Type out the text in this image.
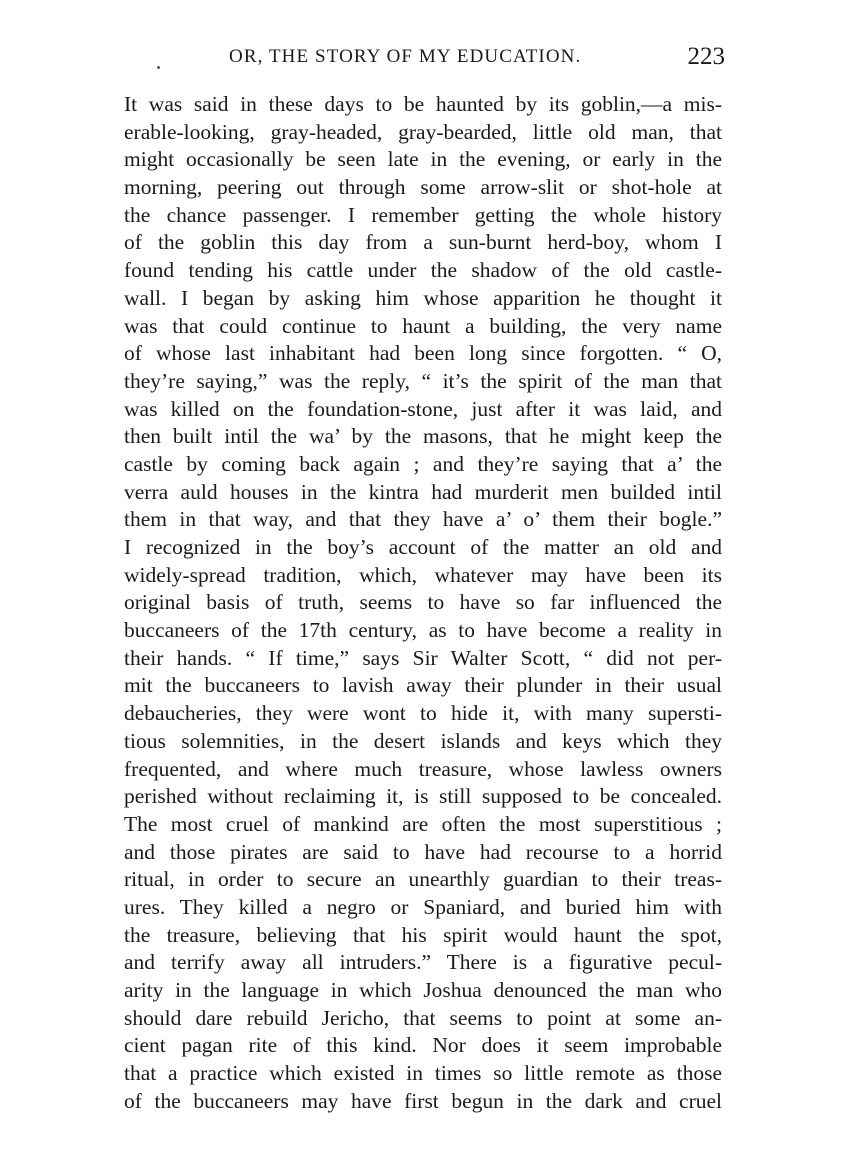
OR, THE STORY OF MY EDUCATION.	223
It was said in these days to be haunted by its goblin,—a mis-
erable-looking, gray-headed, gray-bearded, little old man, that
might occasionally be seen late in the evening, or early in the
morning, peering out through some arrow-slit or shot-hole at
the chance passenger. I remember getting the whole history
of the goblin this day from a sun-burnt herd-boy, whom I
found tending his cattle under the shadow of the old castle-
wall. I began by asking him whose apparition he thought it
was that could continue to haunt a building, the very name
of whose last inhabitant had been long since forgotten. “ O,
they’re saying,” was the reply, “ it’s the spirit of the man that
was killed on the foundation-stone, just after it was laid, and
then built intil the wa’ by the masons, that he might keep the
castle by coming back again ; and they’re saying that a’ the
verra auld houses in the kintra had murderit men builded intil
them in that way, and that they have a’ o’ them their bogle.”
I recognized in the boy’s account of the matter an old and
widely-spread tradition, which, whatever may have been its
original basis of truth, seems to have so far influenced the
buccaneers of the 17th century, as to have become a reality in
their hands. “ If time,” says Sir Walter Scott, “ did not per-
mit the buccaneers to lavish away their plunder in their usual
debaucheries, they were wont to hide it, with many supersti-
tious solemnities, in the desert islands and keys which they
frequented, and where much treasure, whose lawless owners
perished without reclaiming it, is still supposed to be concealed.
The most cruel of mankind are often the most superstitious ;
and those pirates are said to have had recourse to a horrid
ritual, in order to secure an unearthly guardian to their treas-
ures. They killed a negro or Spaniard, and buried him with
the treasure, believing that his spirit would haunt the spot,
and terrify away all intruders.” There is a figurative pecul-
arity in the language in which Joshua denounced the man who
should dare rebuild Jericho, that seems to point at some an-
cient pagan rite of this kind. Nor does it seem improbable
that a practice which existed in times so little remote as those
of the buccaneers may have first begun in the dark and cruel
